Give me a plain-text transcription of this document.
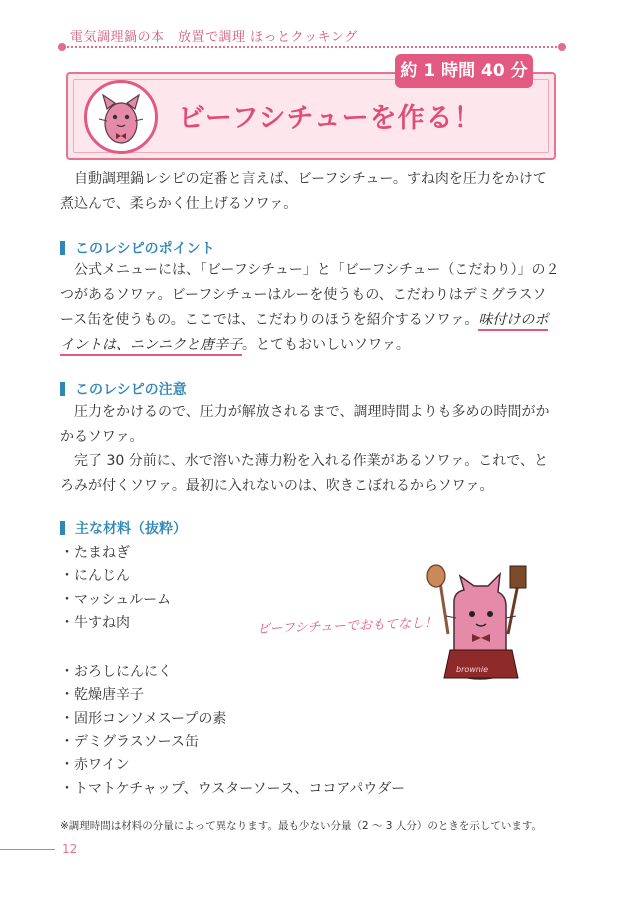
電気調理鍋の本　放置で調理 ほっとクッキング
ビーフシチューを作る！
約 1 時間 40 分

自動調理鍋レシピの定番と言えば、ビーフシチュー。すね肉を圧力をかけて煮込んで、柔らかく仕上げるソワァ。

このレシピのポイント

公式メニューには、「ビーフシチュー」と「ビーフシチュー（こだわり）」の２つがあるソワァ。ビーフシチューはルーを使うもの、こだわりはデミグラスソース缶を使うもの。ここでは、こだわりのほうを紹介するソワァ。味付けのポイントは、ニンニクと唐辛子。とてもおいしいソワァ。

このレシピの注意

圧力をかけるので、圧力が解放されるまで、調理時間よりも多めの時間がかかるソワァ。

完了 30 分前に、水で溶いた薄力粉を入れる作業があるソワァ。これで、とろみが付くソワァ。最初に入れないのは、吹きこぼれるからソワァ。

主な材料（抜粋）
・たまねぎ
・にんじん
・マッシュルーム
・牛すね肉
・おろしにんにく
・乾燥唐辛子
・固形コンソメスープの素
・デミグラスソース缶
・赤ワイン
・トマトケチャップ、ウスターソース、ココアパウダー
ビーフシチューでおもてなし！
brownie
※調理時間は材料の分量によって異なります。最も少ない分量（2 ～ 3 人分）のときを示しています。
12
